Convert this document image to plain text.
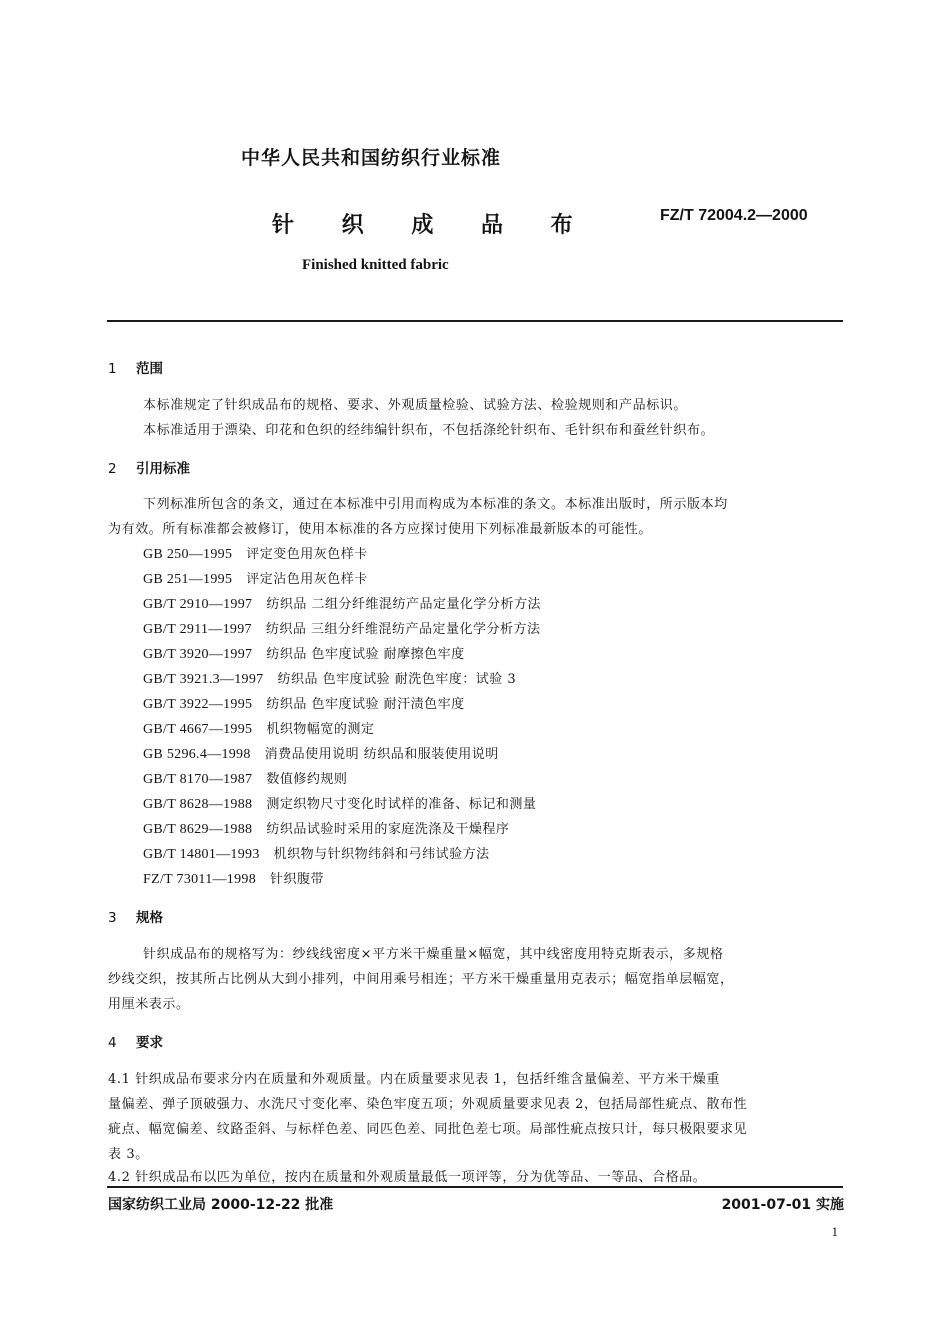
中华人民共和国纺织行业标准
针 织 成 品 布	FZ/T 72004.2—2000
Finished knitted fabric
1 范围
本标准规定了针织成品布的规格、要求、外观质量检验、试验方法、检验规则和产品标识。
本标准适用于漂染、印花和色织的经纬编针织布，不包括涤纶针织布、毛针织布和蚕丝针织布。
2 引用标准
下列标准所包含的条文，通过在本标准中引用而构成为本标准的条文。本标准出版时，所示版本均
为有效。所有标准都会被修订，使用本标准的各方应探讨使用下列标准最新版本的可能性。
GB 250—1995 评定变色用灰色样卡
GB 251—1995 评定沾色用灰色样卡
GB/T 2910—1997 纺织品 二组分纤维混纺产品定量化学分析方法
GB/T 2911—1997 纺织品 三组分纤维混纺产品定量化学分析方法
GB/T 3920—1997 纺织品 色牢度试验 耐摩擦色牢度
GB/T 3921.3—1997 纺织品 色牢度试验 耐洗色牢度：试验 3
GB/T 3922—1995 纺织品 色牢度试验 耐汗渍色牢度
GB/T 4667—1995 机织物幅宽的测定
GB 5296.4—1998 消费品使用说明 纺织品和服装使用说明
GB/T 8170—1987 数值修约规则
GB/T 8628—1988 测定织物尺寸变化时试样的准备、标记和测量
GB/T 8629—1988 纺织品试验时采用的家庭洗涤及干燥程序
GB/T 14801—1993 机织物与针织物纬斜和弓纬试验方法
FZ/T 73011—1998 针织腹带
3 规格
针织成品布的规格写为：纱线线密度×平方米干燥重量×幅宽，其中线密度用特克斯表示，多规格
纱线交织，按其所占比例从大到小排列，中间用乘号相连；平方米干燥重量用克表示；幅宽指单层幅宽，
用厘米表示。
4 要求
4.1 针织成品布要求分内在质量和外观质量。内在质量要求见表 1，包括纤维含量偏差、平方米干燥重
量偏差、弹子顶破强力、水洗尺寸变化率、染色牢度五项；外观质量要求见表 2，包括局部性疵点、散布性
疵点、幅宽偏差、纹路歪斜、与标样色差、同匹色差、同批色差七项。局部性疵点按只计，每只极限要求见
表 3。
4.2 针织成品布以匹为单位，按内在质量和外观质量最低一项评等，分为优等品、一等品、合格品。
国家纺织工业局 2000-12-22 批准	2001-07-01 实施
1
